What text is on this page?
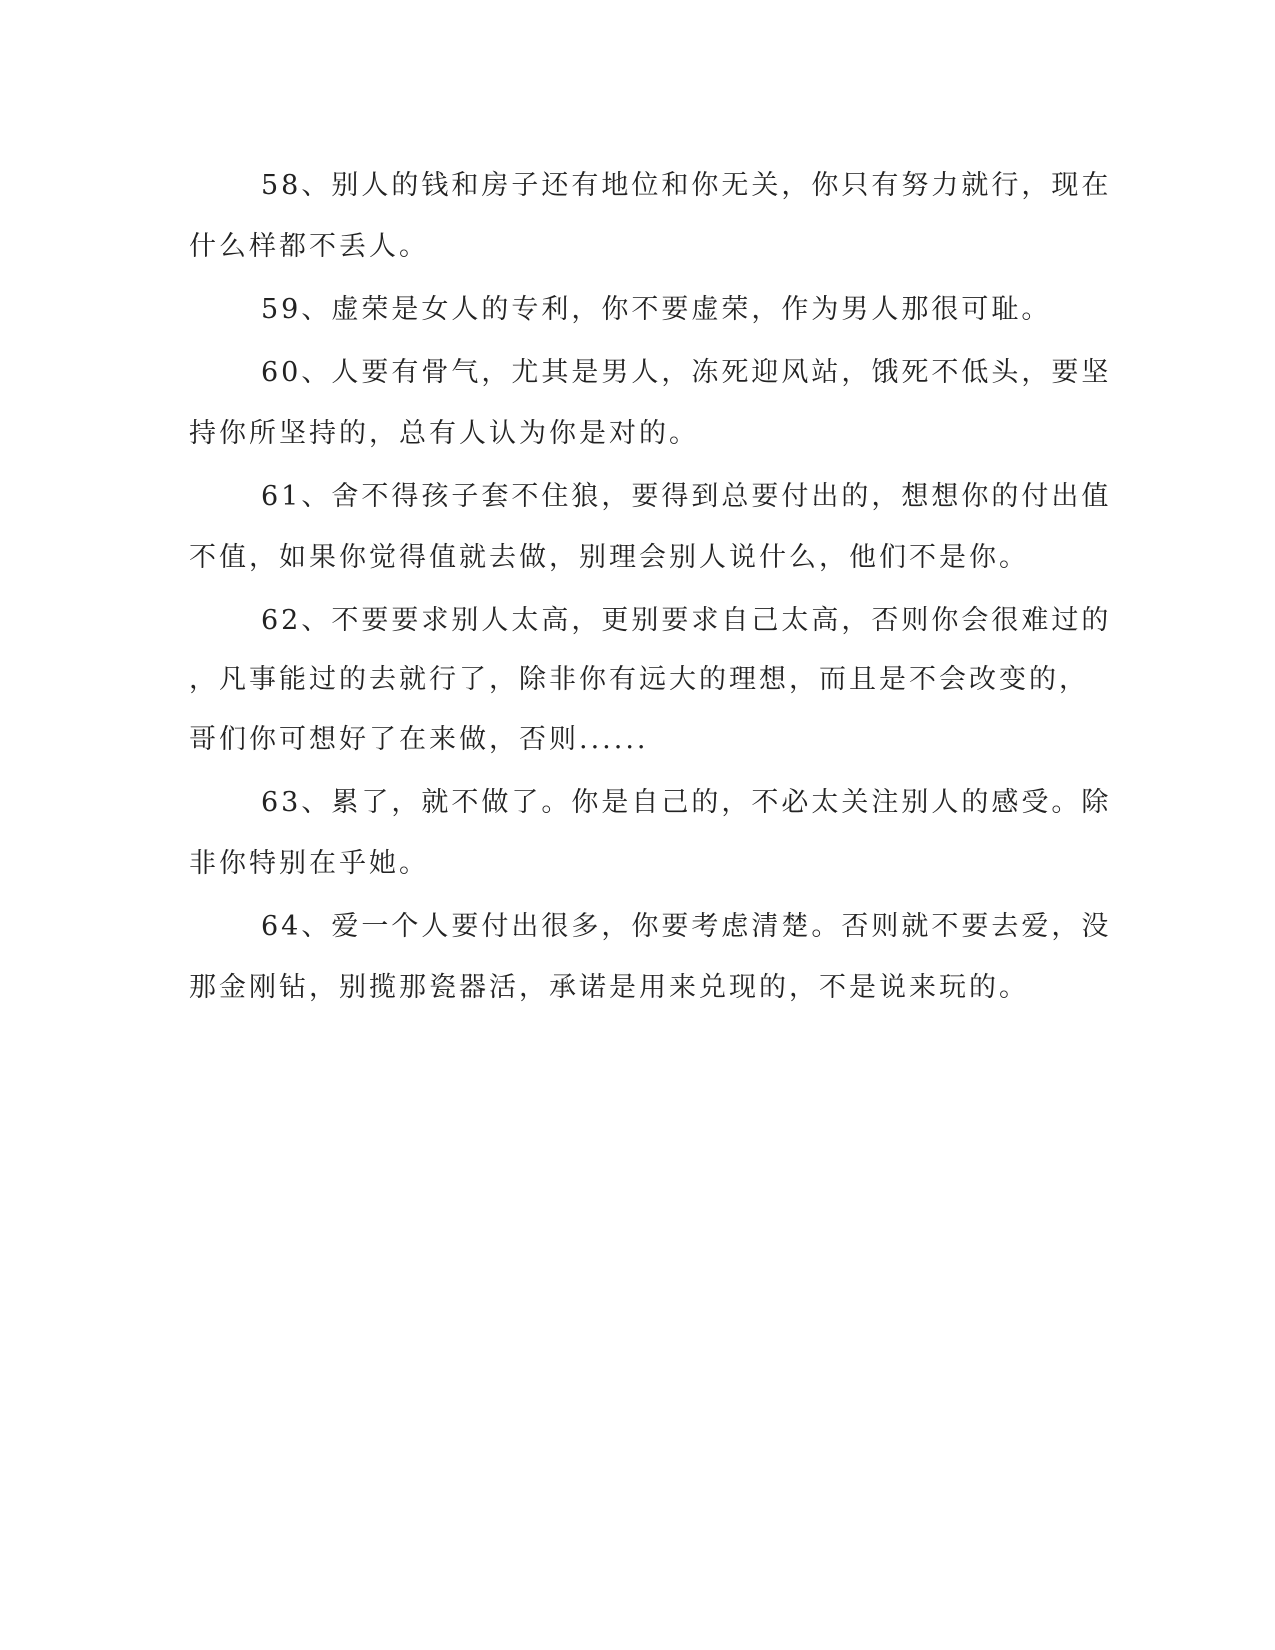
58、别人的钱和房子还有地位和你无关，你只有努力就行，现在
什么样都不丢人。
59、虚荣是女人的专利，你不要虚荣，作为男人那很可耻。
60、人要有骨气，尤其是男人，冻死迎风站，饿死不低头，要坚
持你所坚持的，总有人认为你是对的。
61、舍不得孩子套不住狼，要得到总要付出的，想想你的付出值
不值，如果你觉得值就去做，别理会别人说什么，他们不是你。
62、不要要求别人太高，更别要求自己太高，否则你会很难过的
，凡事能过的去就行了，除非你有远大的理想，而且是不会改变的，
哥们你可想好了在来做，否则......
63、累了，就不做了。你是自己的，不必太关注别人的感受。除
非你特别在乎她。
64、爱一个人要付出很多，你要考虑清楚。否则就不要去爱，没
那金刚钻，别揽那瓷器活，承诺是用来兑现的，不是说来玩的。
